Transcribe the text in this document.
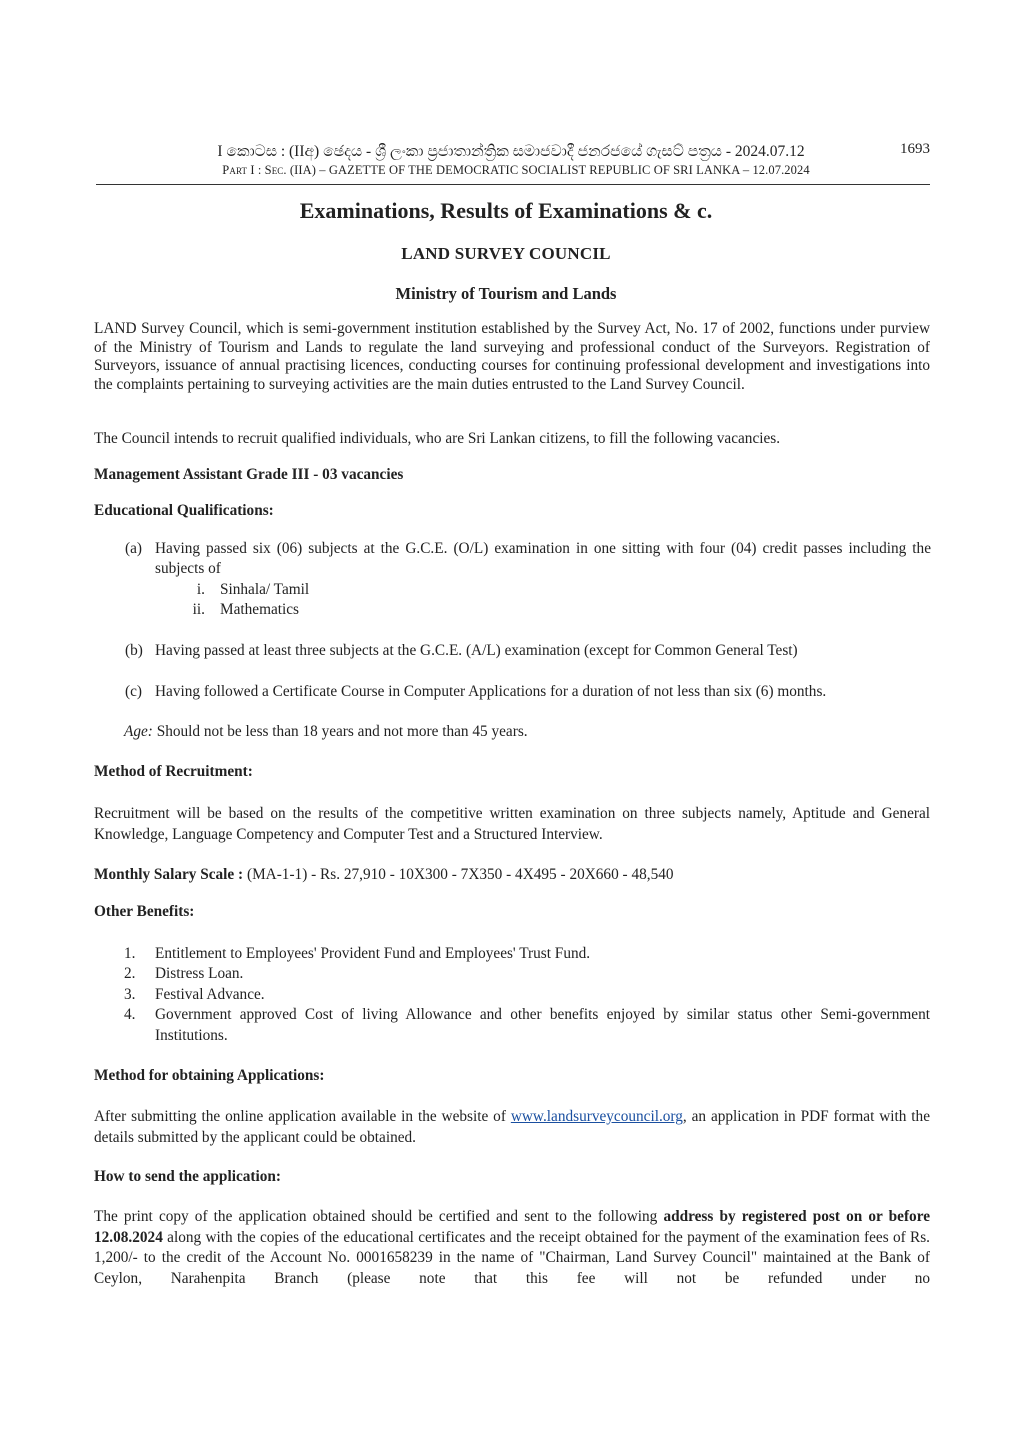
I කොටස : (IIඅ) ඡෙදය - ශ්‍රී ලංකා ප්‍රජාතාන්ත්‍රික සමාජවාදී ජනරජයේ ගැසට් පත්‍රය - 2024.07.12
Part I : Sec. (IIA) – GAZETTE OF THE DEMOCRATIC SOCIALIST REPUBLIC OF SRI LANKA – 12.07.2024
1693
Examinations, Results of Examinations & c.
LAND SURVEY COUNCIL
Ministry of Tourism and Lands
LAND Survey Council, which is semi-government institution established by the Survey Act, No. 17 of 2002, functions under purview of the Ministry of Tourism and Lands to regulate the land surveying and professional conduct of the Surveyors. Registration of Surveyors, issuance of annual practising licences, conducting courses for continuing professional development and investigations into the complaints pertaining to surveying activities are the main duties entrusted to the Land Survey Council.
The Council intends to recruit qualified individuals, who are Sri Lankan citizens, to fill the following vacancies.
Management Assistant Grade III - 03 vacancies
Educational Qualifications:
(a) Having passed six (06) subjects at the G.C.E. (O/L) examination in one sitting with four (04) credit passes including the subjects of
i. Sinhala/ Tamil
ii. Mathematics
(b) Having passed at least three subjects at the G.C.E. (A/L) examination (except for Common General Test)
(c) Having followed a Certificate Course in Computer Applications for a duration of not less than six (6) months.
Age: Should not be less than 18 years and not more than 45 years.
Method of Recruitment:
Recruitment will be based on the results of the competitive written examination on three subjects namely, Aptitude and General Knowledge, Language Competency and Computer Test and a Structured Interview.
Monthly Salary Scale : (MA-1-1) - Rs. 27,910 - 10X300 - 7X350 - 4X495 - 20X660 - 48,540
Other Benefits:
1. Entitlement to Employees' Provident Fund and Employees' Trust Fund.
2. Distress Loan.
3. Festival Advance.
4. Government approved Cost of living Allowance and other benefits enjoyed by similar status other Semi-government Institutions.
Method for obtaining Applications:
After submitting the online application available in the website of www.landsurveycouncil.org, an application in PDF format with the details submitted by the applicant could be obtained.
How to send the application:
The print copy of the application obtained should be certified and sent to the following address by registered post on or before 12.08.2024 along with the copies of the educational certificates and the receipt obtained for the payment of the examination fees of Rs. 1,200/- to the credit of the Account No. 0001658239 in the name of "Chairman, Land Survey Council" maintained at the Bank of Ceylon, Narahenpita Branch (please note that this fee will not be refunded under no
